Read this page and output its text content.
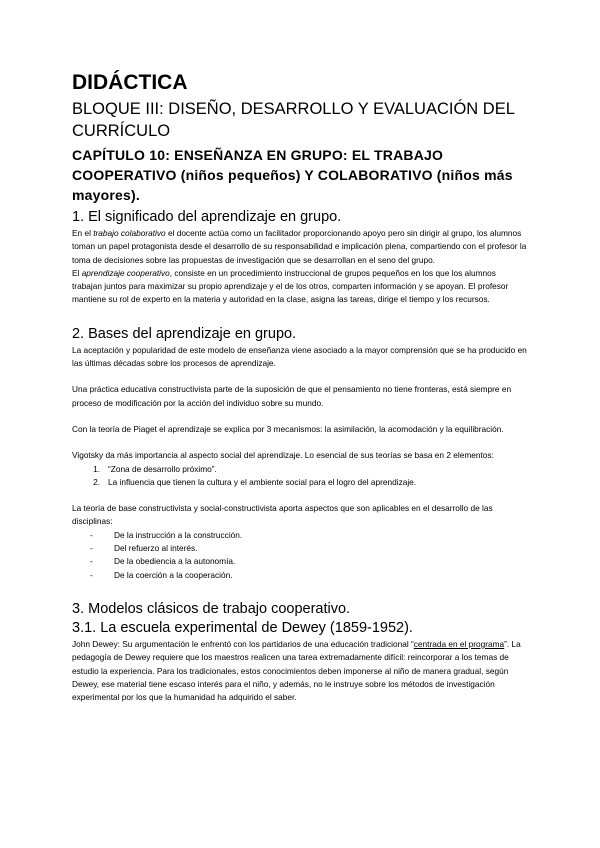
DIDÁCTICA
BLOQUE III: DISEÑO, DESARROLLO Y EVALUACIÓN DEL CURRÍCULO
CAPÍTULO 10: ENSEÑANZA EN GRUPO: EL TRABAJO COOPERATIVO (niños pequeños) Y COLABORATIVO (niños más mayores).
1. El significado del aprendizaje en grupo.

En el trabajo colaborativo el docente actúa como un facilitador proporcionando apoyo pero sin dirigir al grupo, los alumnos toman un papel protagonista desde el desarrollo de su responsabilidad e implicación plena, compartiendo con el profesor la toma de decisiones sobre las propuestas de investigación que se desarrollan en el seno del grupo.

El aprendizaje cooperativo, consiste en un procedimiento instruccional de grupos pequeños en los que los alumnos trabajan juntos para maximizar su propio aprendizaje y el de los otros, comparten información y se apoyan. El profesor mantiene su rol de experto en la materia y autoridad en la clase, asigna las tareas, dirige el tiempo y los recursos.

2. Bases del aprendizaje en grupo.

La aceptación y popularidad de este modelo de enseñanza viene asociado a la mayor comprensión que se ha producido en las últimas décadas sobre los procesos de aprendizaje.

Una práctica educativa constructivista parte de la suposición de que el pensamiento no tiene fronteras, está siempre en proceso de modificación por la acción del individuo sobre su mundo.

Con la teoría de Piaget el aprendizaje se explica por 3 mecanismos: la asimilación, la acomodación y la equilibración.

Vigotsky da más importancia al aspecto social del aprendizaje. Lo esencial de sus teorías se basa en 2 elementos:

1. “Zona de desarrollo próximo”.
2. La influencia que tienen la cultura y el ambiente social para el logro del aprendizaje.

La teoría de base constructivista y social-constructivista aporta aspectos que son aplicables en el desarrollo de las disciplinas:

-	De la instrucción a la construcción.
-	Del refuerzo al interés.
-	De la obediencia a la autonomía.
-	De la coerción a la cooperación.
3. Modelos clásicos de trabajo cooperativo.
3.1. La escuela experimental de Dewey (1859-1952).

John Dewey: Su argumentación le enfrentó con los partidarios de una educación tradicional “centrada en el programa”. La pedagogía de Dewey requiere que los maestros realicen una tarea extremadamente difícil: reincorporar a los temas de estudio la experiencia. Para los tradicionales, estos conocimientos deben imponerse al niño de manera gradual, según Dewey, ese material tiene escaso interés para el niño, y además, no le instruye sobre los métodos de investigación experimental por los que la humanidad ha adquirido el saber.
